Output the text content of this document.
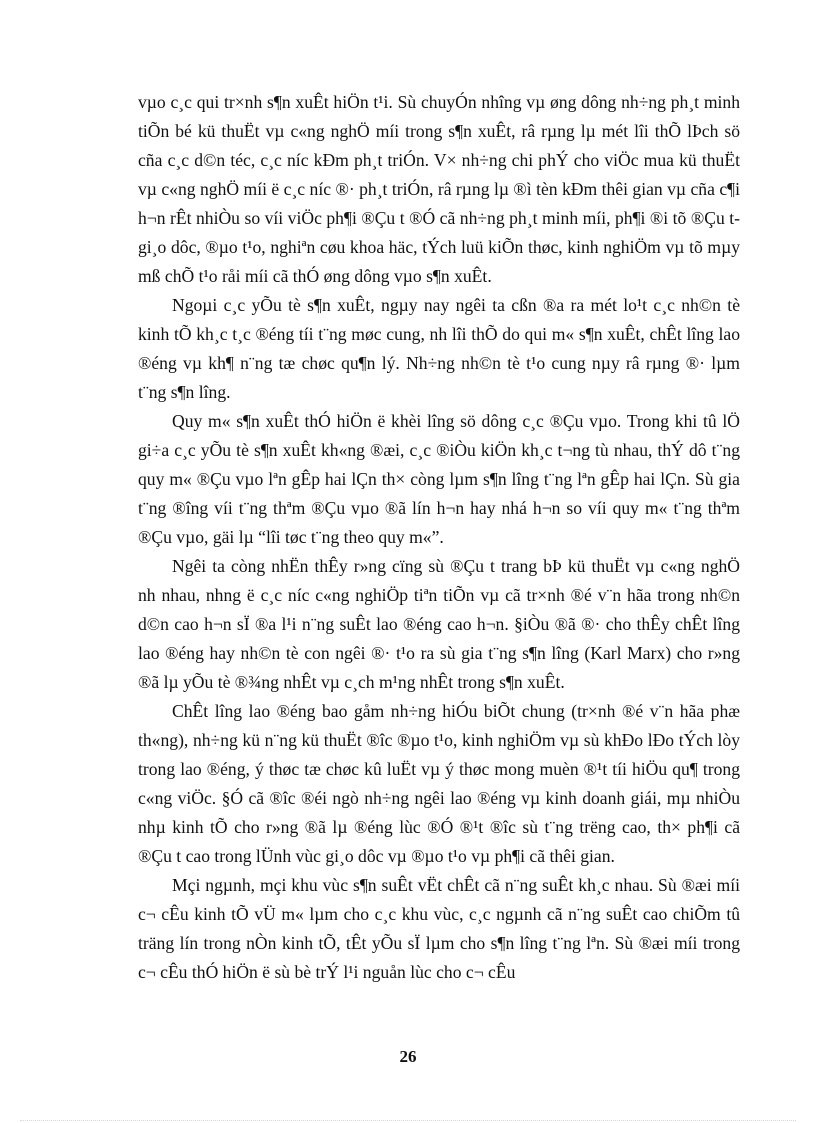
vµo c¸c qui tr×nh s¶n xuÊt hiÖn t¹i. Sù chuyÓn nhîng vµ øng dông nh÷ng ph¸t minh tiÕn bé kü thuËt vµ c«ng nghÖ míi trong s¶n xuÊt, râ rµng lµ mét lîi thÕ lÞch sö cña c¸c d©n téc, c¸c níc kÐm ph¸t triÓn. V× nh÷ng chi phÝ cho viÖc mua kü thuËt vµ c«ng nghÖ míi ë c¸c níc ®· ph¸t triÓn, râ rµng lµ ®ì tèn kÐm thêi gian vµ cña c¶i h¬n rÊt nhiÒu so víi viÖc ph¶i ®Çu t ®Ó cã nh÷ng ph¸t minh míi, ph¶i ®i tõ ®Çu t gi¸o dôc, ®µo t¹o, nghiªn cøu khoa häc, tÝch luü kiÕn thøc, kinh nghiÖm vµ tõ mµy mß chÕ t¹o råi míi cã thÓ øng dông vµo s¶n xuÊt.

Ngoµi c¸c yÕu tè s¶n xuÊt, ngµy nay ngêi ta cßn ®a ra mét lo¹t c¸c nh©n tè kinh tÕ kh¸c t¸c ®éng tíi t¨ng møc cung, nh lîi thÕ do qui m« s¶n xuÊt, chÊt lîng lao ®éng vµ kh¶ n¨ng tæ chøc qu¶n lý. Nh÷ng nh©n tè t¹o cung nµy râ rµng ®· lµm t¨ng s¶n lîng.

Quy m« s¶n xuÊt thÓ hiÖn ë khèi lîng sö dông c¸c ®Çu vµo. Trong khi tû lÖ gi÷a c¸c yÕu tè s¶n xuÊt kh«ng ®æi, c¸c ®iÒu kiÖn kh¸c t¬ng tù nhau, thÝ dô t¨ng quy m« ®Çu vµo lªn gÊp hai lÇn th× còng lµm s¶n lîng t¨ng lªn gÊp hai lÇn. Sù gia t¨ng ®îng víi t¨ng thªm ®Çu vµo ®ã lín h¬n hay nhá h¬n so víi quy m« t¨ng thªm ®Çu vµo, gäi lµ “lîi tøc t¨ng theo quy m«”.

Ngêi ta còng nhËn thÊy r»ng cïng sù ®Çu t trang bÞ kü thuËt vµ c«ng nghÖ nh nhau, nhng ë c¸c níc c«ng nghiÖp tiªn tiÕn vµ cã tr×nh ®é v¨n hãa trong nh©n d©n cao h¬n sÏ ®a l¹i n¨ng suÊt lao ®éng cao h¬n. §iÒu ®ã ®· cho thÊy chÊt lîng lao ®éng hay nh©n tè con ngêi ®· t¹o ra sù gia t¨ng s¶n lîng (Karl Marx) cho r»ng ®ã lµ yÕu tè ®¾ng nhÊt vµ c¸ch m¹ng nhÊt trong s¶n xuÊt.

ChÊt lîng lao ®éng bao gåm nh÷ng hiÓu biÕt chung (tr×nh ®é v¨n hãa phæ th«ng), nh÷ng kü n¨ng kü thuËt ®îc ®µo t¹o, kinh nghiÖm vµ sù khÐo lÐo tÝch lòy trong lao ®éng, ý thøc tæ chøc kû luËt vµ ý thøc mong muèn ®¹t tíi hiÖu qu¶ trong c«ng viÖc. §Ó cã ®îc ®éi ngò nh÷ng ngêi lao ®éng vµ kinh doanh giái, mµ nhiÒu nhµ kinh tÕ cho r»ng ®ã lµ ®éng lùc ®Ó ®¹t ®îc sù t¨ng trëng cao, th× ph¶i cã ®Çu t cao trong lÜnh vùc gi¸o dôc vµ ®µo t¹o vµ ph¶i cã thêi gian.

Mçi ngµnh, mçi khu vùc s¶n suÊt vËt chÊt cã n¨ng suÊt kh¸c nhau. Sù ®æi míi c¬ cÊu kinh tÕ vÜ m« lµm cho c¸c khu vùc, c¸c ngµnh cã n¨ng suÊt cao chiÕm tû träng lín trong nÒn kinh tÕ, tÊt yÕu sÏ lµm cho s¶n lîng t¨ng lªn. Sù ®æi míi trong c¬ cÊu thÓ hiÖn ë sù bè trÝ l¹i nguån lùc cho c¬ cÊu

26
